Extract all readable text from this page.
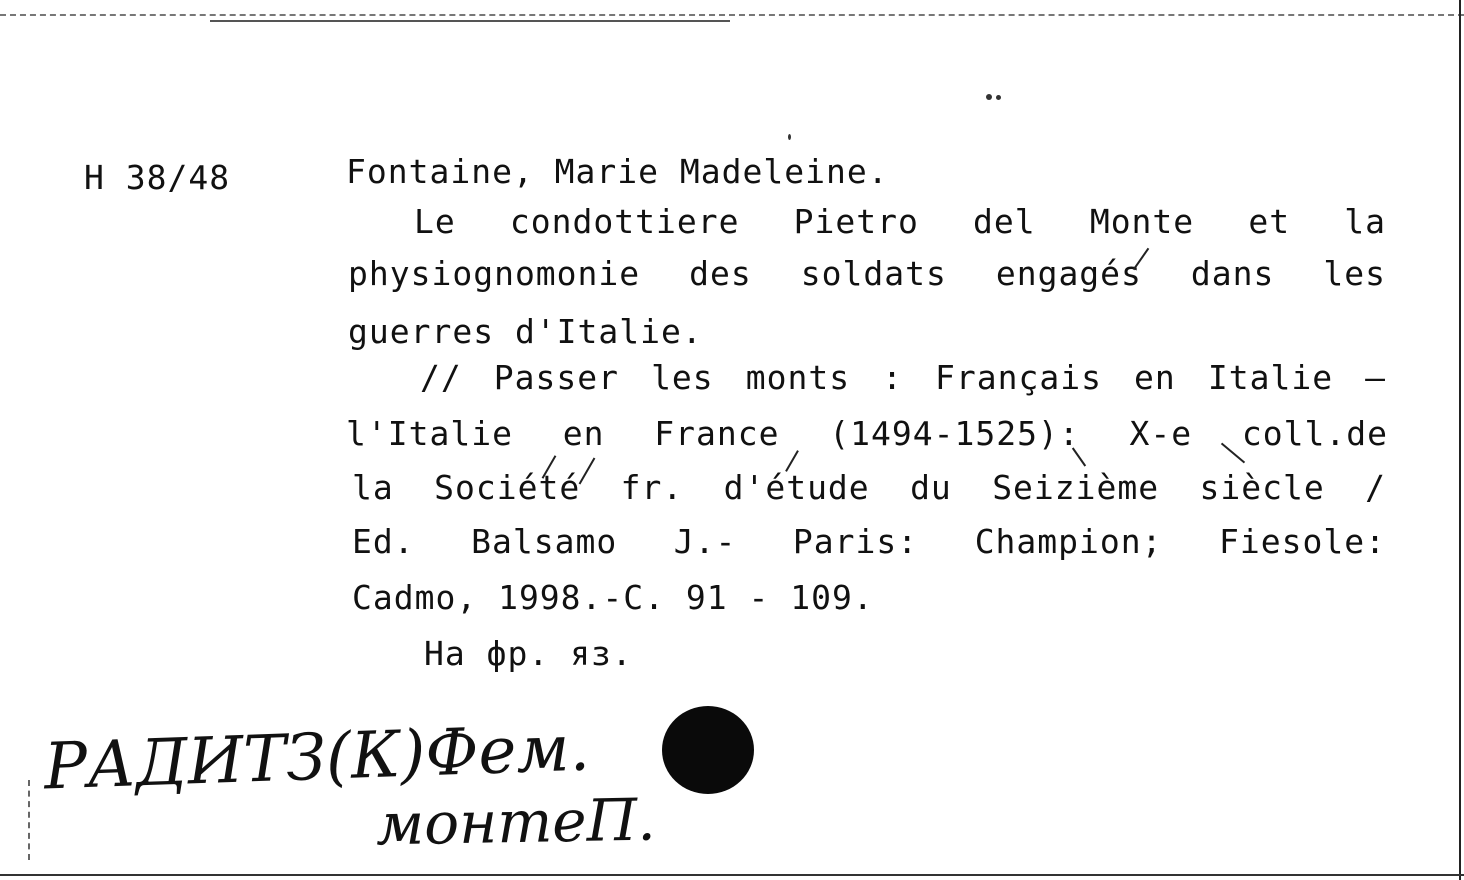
H 38/48	Fontaine, Marie Madeleine.
Le condottiere Pietro del Monte et la
physiognomonie des soldats engagés dans les
guerres d'Italie.
// Passer les monts : Français en Italie –
l'Italie en France (1494-1525): X-e coll.de
la Société fr. d'étude du Seizième siècle /
Ed. Balsamo J.- Paris: Champion; Fiesole:
Cadmo, 1998.-C. 91 - 109.
На фр. яз.
РАДИТЗ(К)Фем.
монтеП.
